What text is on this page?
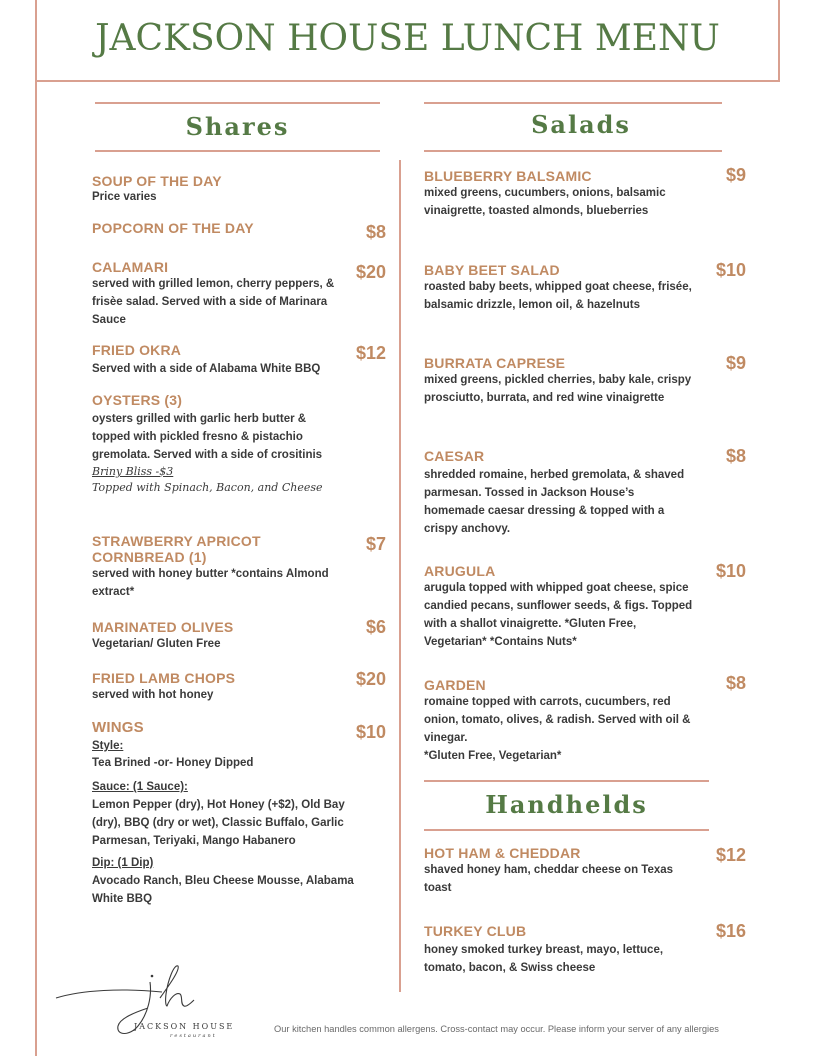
JACKSON HOUSE LUNCH MENU
Shares	Salads
SOUP OF THE DAY
Price varies
POPCORN OF THE DAY	$8
CALAMARI
served with grilled lemon, cherry peppers, & frisèe salad. Served with a side of Marinara Sauce
$20
FRIED OKRA
Served with a side of Alabama White BBQ
$12
OYSTERS (3)
oysters grilled with garlic herb butter & topped with pickled fresno & pistachio gremolata. Served with a side of crositinis
Briny Bliss -$3
Topped with Spinach, Bacon, and Cheese
STRAWBERRY APRICOT CORNBREAD (1)
served with honey butter *contains Almond extract*
$7
MARINATED OLIVES
Vegetarian/ Gluten Free
$6
FRIED LAMB CHOPS
served with hot honey
$20
WINGS
Style:
Tea Brined -or- Honey Dipped
Sauce: (1 Sauce):
Lemon Pepper (dry), Hot Honey (+$2), Old Bay (dry), BBQ (dry or wet), Classic Buffalo, Garlic Parmesan, Teriyaki, Mango Habanero
Dip: (1 Dip)
Avocado Ranch, Bleu Cheese Mousse, Alabama White BBQ
$10
BLUEBERRY BALSAMIC
mixed greens, cucumbers, onions, balsamic vinaigrette, toasted almonds, blueberries
$9
BABY BEET SALAD
roasted baby beets, whipped goat cheese, frisée, balsamic drizzle, lemon oil, & hazelnuts
$10
BURRATA CAPRESE
mixed greens, pickled cherries, baby kale, crispy prosciutto, burrata, and red wine vinaigrette
$9
CAESAR
shredded romaine, herbed gremolata, & shaved parmesan. Tossed in Jackson House’s homemade caesar dressing & topped with a crispy anchovy.
$8
ARUGULA
arugula topped with whipped goat cheese, spice candied pecans, sunflower seeds, & figs. Topped with a shallot vinaigrette. *Gluten Free, Vegetarian* *Contains Nuts*
$10
GARDEN
romaine topped with carrots, cucumbers, red onion, tomato, olives, & radish. Served with oil & vinegar.
*Gluten Free, Vegetarian*
$8
Handhelds
HOT HAM & CHEDDAR
shaved honey ham, cheddar cheese on Texas toast
$12
TURKEY CLUB
honey smoked turkey breast, mayo, lettuce, tomato, bacon, & Swiss cheese
$16
jh
JACKSON HOUSE
restaurant
Our kitchen handles common allergens. Cross-contact may occur. Please inform your server of any allergies
